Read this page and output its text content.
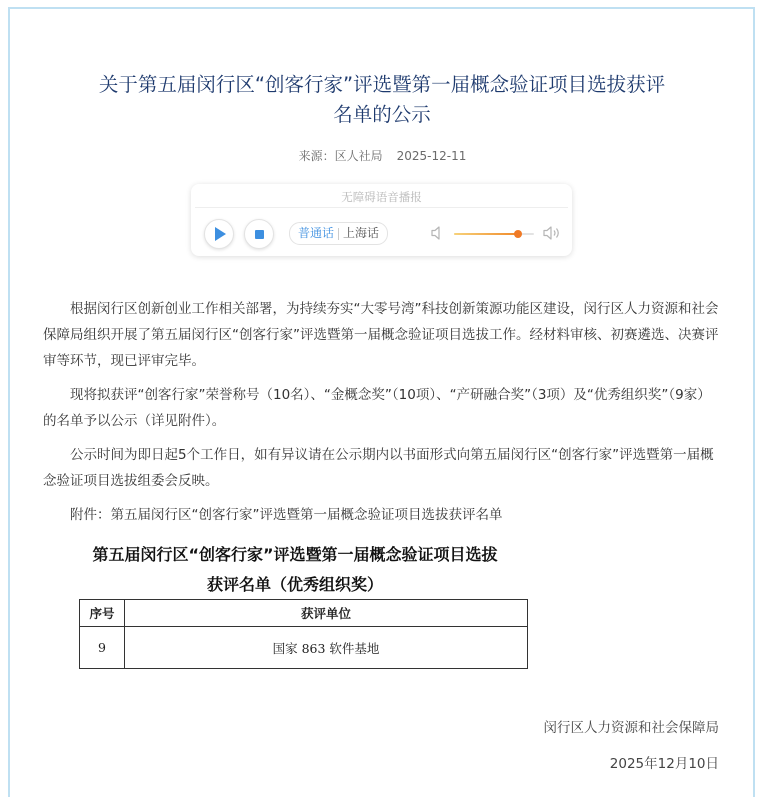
关于第五届闵行区“创客行家”评选暨第一届概念验证项目选拔获评名单的公示
来源：区人社局 2025-12-11
无障碍语音播报
普通话 上海话

根据闵行区创新创业工作相关部署，为持续夯实“大零号湾”科技创新策源功能区建设，闵行区人力资源和社会保障局组织开展了第五届闵行区“创客行家”评选暨第一届概念验证项目选拔工作。经材料审核、初赛遴选、决赛评审等环节，现已评审完毕。

现将拟获评“创客行家”荣誉称号（10名）、“金概念奖”（10项）、“产研融合奖”（3项）及“优秀组织奖”（9家）的名单予以公示（详见附件）。

公示时间为即日起5个工作日，如有异议请在公示期内以书面形式向第五届闵行区“创客行家”评选暨第一届概念验证项目选拔组委会反映。

附件：第五届闵行区“创客行家”评选暨第一届概念验证项目选拔获评名单

第五届闵行区“创客行家”评选暨第一届概念验证项目选拔
获评名单（优秀组织奖）
序号	获评单位
9	国家 863 软件基地
闵行区人力资源和社会保障局
2025年12月10日
